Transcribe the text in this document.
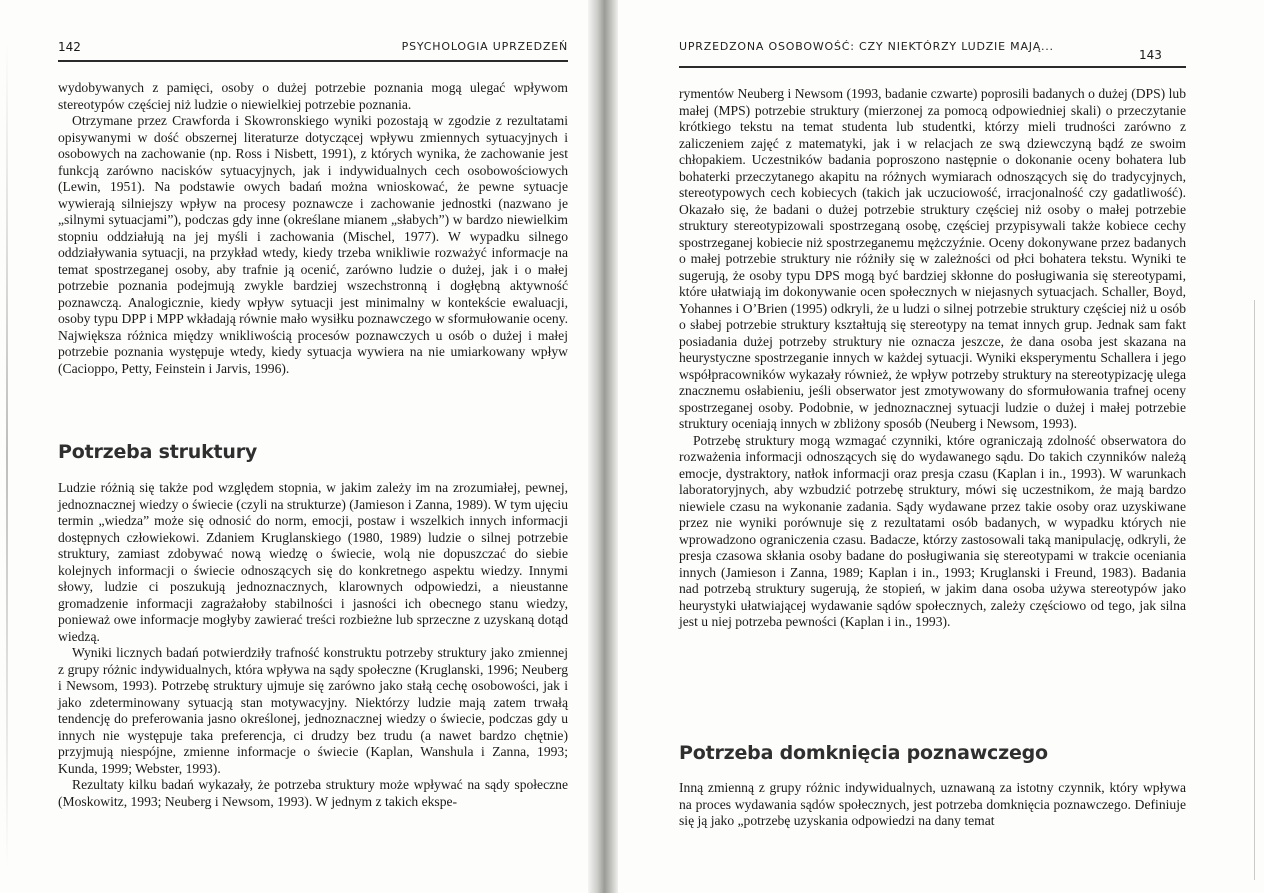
142	PSYCHOLOGIA UPRZEDZEŃ

wydobywanych z pamięci, osoby o dużej potrzebie poznania mogą ulegać wpływom stereotypów częściej niż ludzie o niewielkiej potrzebie poznania.

Otrzymane przez Crawforda i Skowronskiego wyniki pozostają w zgodzie z rezultatami opisywanymi w dość obszernej literaturze dotyczącej wpływu zmiennych sytuacyjnych i osobowych na zachowanie (np. Ross i Nisbett, 1991), z których wynika, że zachowanie jest funkcją zarówno nacisków sytuacyjnych, jak i indywidualnych cech osobowościowych (Lewin, 1951). Na podstawie owych badań można wnioskować, że pewne sytuacje wywierają silniejszy wpływ na procesy poznawcze i zachowanie jednostki (nazwano je „silnymi sytuacjami”), podczas gdy inne (określane mianem „słabych”) w bardzo niewielkim stopniu oddziałują na jej myśli i zachowania (Mischel, 1977). W wypadku silnego oddziaływania sytuacji, na przykład wtedy, kiedy trzeba wnikliwie rozważyć informacje na temat spostrzeganej osoby, aby trafnie ją ocenić, zarówno ludzie o dużej, jak i o małej potrzebie poznania podejmują zwykle bardziej wszechstronną i dogłębną aktywność poznawczą. Analogicznie, kiedy wpływ sytuacji jest minimalny w kontekście ewaluacji, osoby typu DPP i MPP wkładają równie mało wysiłku poznawczego w sformułowanie oceny. Największa różnica między wnikliwością procesów poznawczych u osób o dużej i małej potrzebie poznania występuje wtedy, kiedy sytuacja wywiera na nie umiarkowany wpływ (Cacioppo, Petty, Feinstein i Jarvis, 1996).

Potrzeba struktury

Ludzie różnią się także pod względem stopnia, w jakim zależy im na zrozumiałej, pewnej, jednoznacznej wiedzy o świecie (czyli na strukturze) (Jamieson i Zanna, 1989). W tym ujęciu termin „wiedza” może się odnosić do norm, emocji, postaw i wszelkich innych informacji dostępnych człowiekowi. Zdaniem Kruglanskiego (1980, 1989) ludzie o silnej potrzebie struktury, zamiast zdobywać nową wiedzę o świecie, wolą nie dopuszczać do siebie kolejnych informacji o świecie odnoszących się do konkretnego aspektu wiedzy. Innymi słowy, ludzie ci poszukują jednoznacznych, klarownych odpowiedzi, a nieustanne gromadzenie informacji zagrażałoby stabilności i jasności ich obecnego stanu wiedzy, ponieważ owe informacje mogłyby zawierać treści rozbieżne lub sprzeczne z uzyskaną dotąd wiedzą.

Wyniki licznych badań potwierdziły trafność konstruktu potrzeby struktury jako zmiennej z grupy różnic indywidualnych, która wpływa na sądy społeczne (Kruglanski, 1996; Neuberg i Newsom, 1993). Potrzebę struktury ujmuje się zarówno jako stałą cechę osobowości, jak i jako zdeterminowany sytuacją stan motywacyjny. Niektórzy ludzie mają zatem trwałą tendencję do preferowania jasno określonej, jednoznacznej wiedzy o świecie, podczas gdy u innych nie występuje taka preferencja, ci drudzy bez trudu (a nawet bardzo chętnie) przyjmują niespójne, zmienne informacje o świecie (Kaplan, Wanshula i Zanna, 1993; Kunda, 1999; Webster, 1993).

Rezultaty kilku badań wykazały, że potrzeba struktury może wpływać na sądy społeczne (Moskowitz, 1993; Neuberg i Newsom, 1993). W jednym z takich ekspe-

UPRZEDZONA OSOBOWOŚĆ: CZY NIEKTÓRZY LUDZIE MAJĄ...
143

rymentów Neuberg i Newsom (1993, badanie czwarte) poprosili badanych o dużej (DPS) lub małej (MPS) potrzebie struktury (mierzonej za pomocą odpowiedniej skali) o przeczytanie krótkiego tekstu na temat studenta lub studentki, którzy mieli trudności zarówno z zaliczeniem zajęć z matematyki, jak i w relacjach ze swą dziewczyną bądź ze swoim chłopakiem. Uczestników badania poproszono następnie o dokonanie oceny bohatera lub bohaterki przeczytanego akapitu na różnych wymiarach odnoszących się do tradycyjnych, stereotypowych cech kobiecych (takich jak uczuciowość, irracjonalność czy gadatliwość). Okazało się, że badani o dużej potrzebie struktury częściej niż osoby o małej potrzebie struktury stereotypizowali spostrzeganą osobę, częściej przypisywali także kobiece cechy spostrzeganej kobiecie niż spostrzeganemu mężczyźnie. Oceny dokonywane przez badanych o małej potrzebie struktury nie różniły się w zależności od płci bohatera tekstu. Wyniki te sugerują, że osoby typu DPS mogą być bardziej skłonne do posługiwania się stereotypami, które ułatwiają im dokonywanie ocen społecznych w niejasnych sytuacjach. Schaller, Boyd, Yohannes i O’Brien (1995) odkryli, że u ludzi o silnej potrzebie struktury częściej niż u osób o słabej potrzebie struktury kształtują się stereotypy na temat innych grup. Jednak sam fakt posiadania dużej potrzeby struktury nie oznacza jeszcze, że dana osoba jest skazana na heurystyczne spostrzeganie innych w każdej sytuacji. Wyniki eksperymentu Schallera i jego współpracowników wykazały również, że wpływ potrzeby struktury na stereotypizację ulega znacznemu osłabieniu, jeśli obserwator jest zmotywowany do sformułowania trafnej oceny spostrzeganej osoby. Podobnie, w jednoznacznej sytuacji ludzie o dużej i małej potrzebie struktury oceniają innych w zbliżony sposób (Neuberg i Newsom, 1993).

Potrzebę struktury mogą wzmagać czynniki, które ograniczają zdolność obserwatora do rozważenia informacji odnoszących się do wydawanego sądu. Do takich czynników należą emocje, dystraktory, natłok informacji oraz presja czasu (Kaplan i in., 1993). W warunkach laboratoryjnych, aby wzbudzić potrzebę struktury, mówi się uczestnikom, że mają bardzo niewiele czasu na wykonanie zadania. Sądy wydawane przez takie osoby oraz uzyskiwane przez nie wyniki porównuje się z rezultatami osób badanych, w wypadku których nie wprowadzono ograniczenia czasu. Badacze, którzy zastosowali taką manipulację, odkryli, że presja czasowa skłania osoby badane do posługiwania się stereotypami w trakcie oceniania innych (Jamieson i Zanna, 1989; Kaplan i in., 1993; Kruglanski i Freund, 1983). Badania nad potrzebą struktury sugerują, że stopień, w jakim dana osoba używa stereotypów jako heurystyki ułatwiającej wydawanie sądów społecznych, zależy częściowo od tego, jak silna jest u niej potrzeba pewności (Kaplan i in., 1993).

Potrzeba domknięcia poznawczego

Inną zmienną z grupy różnic indywidualnych, uznawaną za istotny czynnik, który wpływa na proces wydawania sądów społecznych, jest potrzeba domknięcia poznawczego. Definiuje się ją jako „potrzebę uzyskania odpowiedzi na dany temat
